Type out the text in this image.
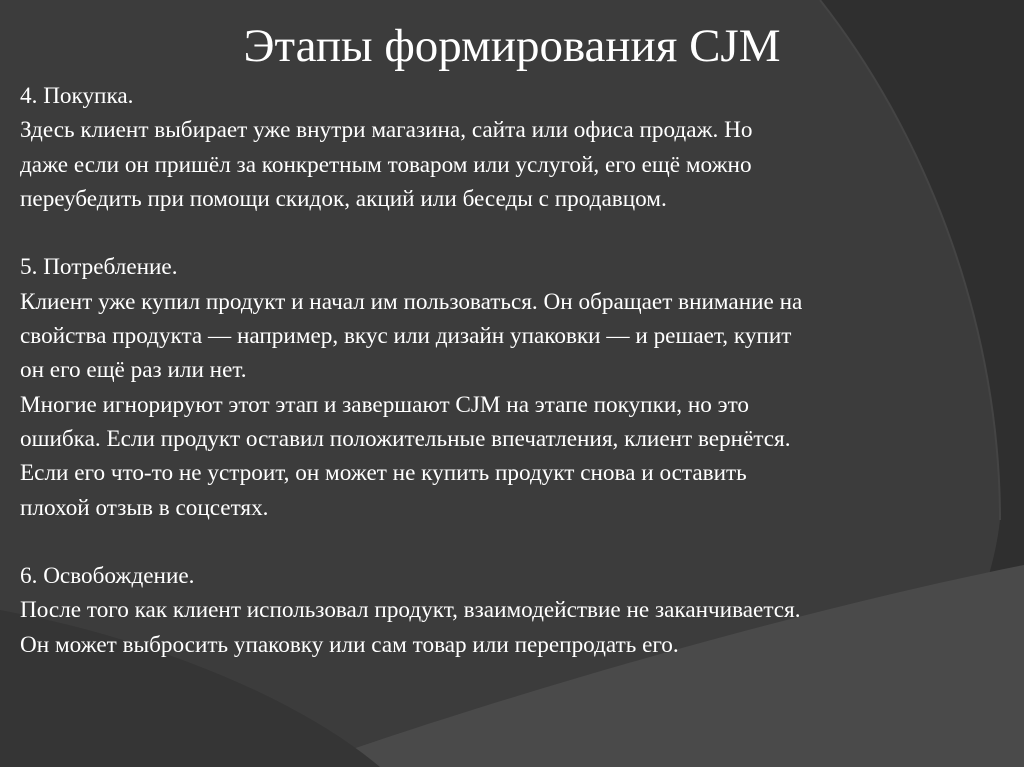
Этапы формирования CJM
4. Покупка.
Здесь клиент выбирает уже внутри магазина, сайта или офиса продаж. Но
даже если он пришёл за конкретным товаром или услугой, его ещё можно
переубедить при помощи скидок, акций или беседы с продавцом.
5. Потребление.
Клиент уже купил продукт и начал им пользоваться. Он обращает внимание на
свойства продукта — например, вкус или дизайн упаковки — и решает, купит
он его ещё раз или нет.
Многие игнорируют этот этап и завершают CJM на этапе покупки, но это
ошибка. Если продукт оставил положительные впечатления, клиент вернётся.
Если его что-то не устроит, он может не купить продукт снова и оставить
плохой отзыв в соцсетях.
6. Освобождение.
После того как клиент использовал продукт, взаимодействие не заканчивается.
Он может выбросить упаковку или сам товар или перепродать его.
